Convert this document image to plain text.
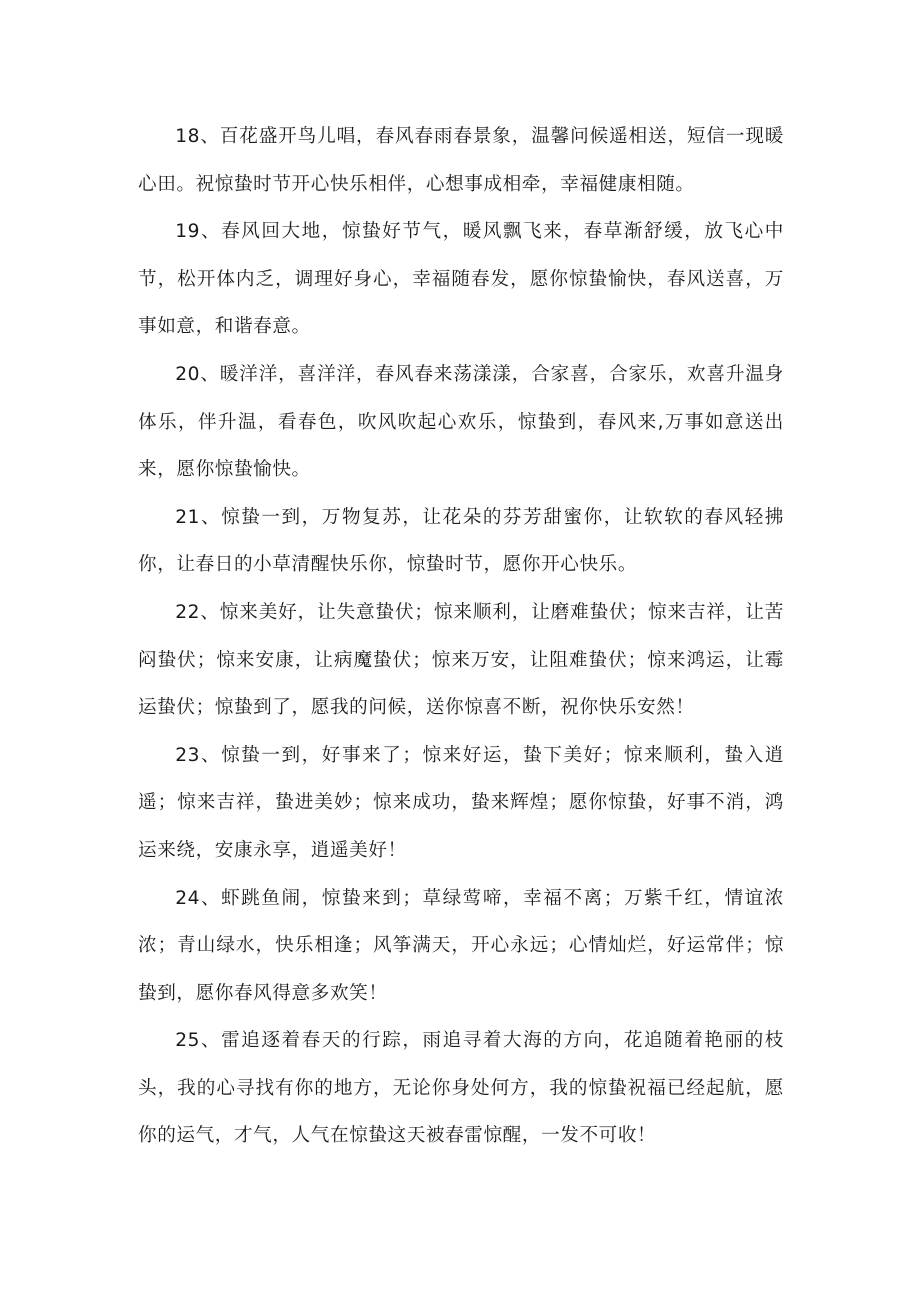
18、百花盛开鸟儿唱，春风春雨春景象，温馨问候遥相送，短信一现暖心田。祝惊蛰时节开心快乐相伴，心想事成相牵，幸福健康相随。

19、春风回大地，惊蛰好节气，暖风飘飞来，春草渐舒缓，放飞心中节，松开体内乏，调理好身心，幸福随春发，愿你惊蛰愉快，春风送喜，万事如意，和谐春意。

20、暖洋洋，喜洋洋，春风春来荡漾漾，合家喜，合家乐，欢喜升温身体乐，伴升温，看春色，吹风吹起心欢乐，惊蛰到，春风来,万事如意送出来，愿你惊蛰愉快。

21、惊蛰一到，万物复苏，让花朵的芬芳甜蜜你，让软软的春风轻拂你，让春日的小草清醒快乐你，惊蛰时节，愿你开心快乐。

22、惊来美好，让失意蛰伏；惊来顺利，让磨难蛰伏；惊来吉祥，让苦闷蛰伏；惊来安康，让病魔蛰伏；惊来万安，让阻难蛰伏；惊来鸿运，让霉运蛰伏；惊蛰到了，愿我的问候，送你惊喜不断，祝你快乐安然！

23、惊蛰一到，好事来了；惊来好运，蛰下美好；惊来顺利，蛰入逍遥；惊来吉祥，蛰进美妙；惊来成功，蛰来辉煌；愿你惊蛰，好事不消，鸿运来绕，安康永享，逍遥美好！

24、虾跳鱼闹，惊蛰来到；草绿莺啼，幸福不离；万紫千红，情谊浓浓；青山绿水，快乐相逢；风筝满天，开心永远；心情灿烂，好运常伴；惊蛰到，愿你春风得意多欢笑！

25、雷追逐着春天的行踪，雨追寻着大海的方向，花追随着艳丽的枝头，我的心寻找有你的地方，无论你身处何方，我的惊蛰祝福已经起航，愿你的运气，才气，人气在惊蛰这天被春雷惊醒，一发不可收！
